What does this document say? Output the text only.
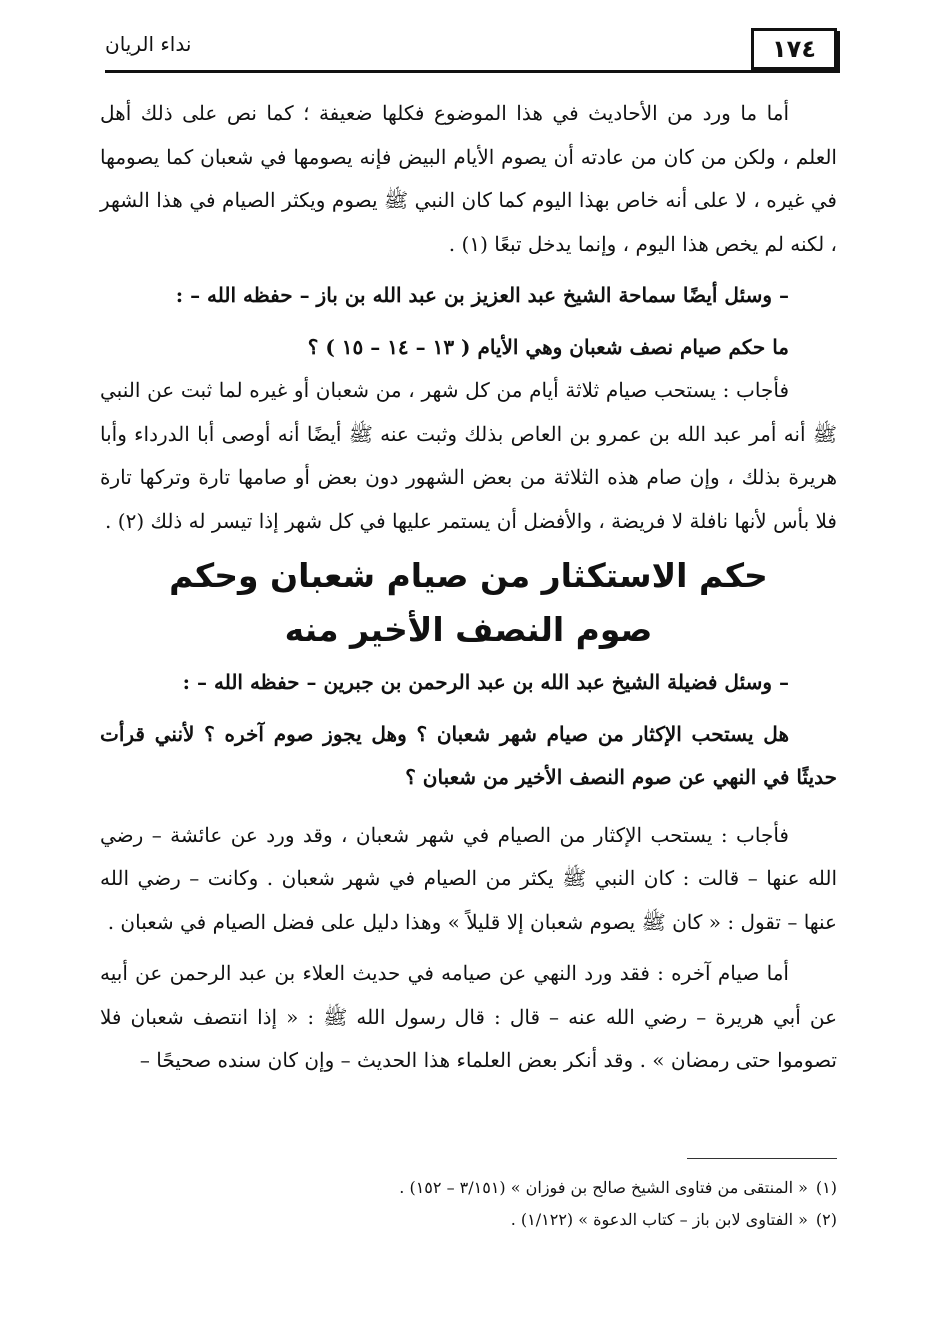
١٧٤
نداء الريان

أما ما ورد من الأحاديث في هذا الموضوع فكلها ضعيفة ؛ كما نص على ذلك أهل العلم ، ولكن من كان من عادته أن يصوم الأيام البيض فإنه يصومها في شعبان كما يصومها في غيره ، لا على أنه خاص بهذا اليوم كما كان النبي ﷺ يصوم ويكثر الصيام في هذا الشهر ، لكنه لم يخص هذا اليوم ، وإنما يدخل تبعًا (١) .

– وسئل أيضًا سماحة الشيخ عبد العزيز بن عبد الله بن باز – حفظه الله – :

ما حكم صيام نصف شعبان وهي الأيام ( ١٣ – ١٤ – ١٥ ) ؟

فأجاب : يستحب صيام ثلاثة أيام من كل شهر ، من شعبان أو غيره لما ثبت عن النبي ﷺ أنه أمر عبد الله بن عمرو بن العاص بذلك وثبت عنه ﷺ أيضًا أنه أوصى أبا الدرداء وأبا هريرة بذلك ، وإن صام هذه الثلاثة من بعض الشهور دون بعض أو صامها تارة وتركها تارة فلا بأس لأنها نافلة لا فريضة ، والأفضل أن يستمر عليها في كل شهر إذا تيسر له ذلك (٢) .

حكم الاستكثار من صيام شعبان وحكم
صوم النصف الأخير منه

– وسئل فضيلة الشيخ عبد الله بن عبد الرحمن بن جبرين – حفظه الله – :

هل يستحب الإكثار من صيام شهر شعبان ؟ وهل يجوز صوم آخره ؟ لأنني قرأت حديثًا في النهي عن صوم النصف الأخير من شعبان ؟

فأجاب : يستحب الإكثار من الصيام في شهر شعبان ، وقد ورد عن عائشة – رضي الله عنها – قالت : كان النبي ﷺ يكثر من الصيام في شهر شعبان . وكانت – رضي الله عنها – تقول : « كان ﷺ يصوم شعبان إلا قليلاً » وهذا دليل على فضل الصيام في شعبان .

أما صيام آخره : فقد ورد النهي عن صيامه في حديث العلاء بن عبد الرحمن عن أبيه عن أبي هريرة – رضي الله عنه – قال : قال رسول الله ﷺ : « إذا انتصف شعبان فلا تصوموا حتى رمضان » . وقد أنكر بعض العلماء هذا الحديث – وإن كان سنده صحيحًا –

(١)« المنتقى من فتاوى الشيخ صالح بن فوزان » (٣/١٥١ – ١٥٢) .
(٢)« الفتاوى لابن باز – كتاب الدعوة » (١/١٢٢) .
